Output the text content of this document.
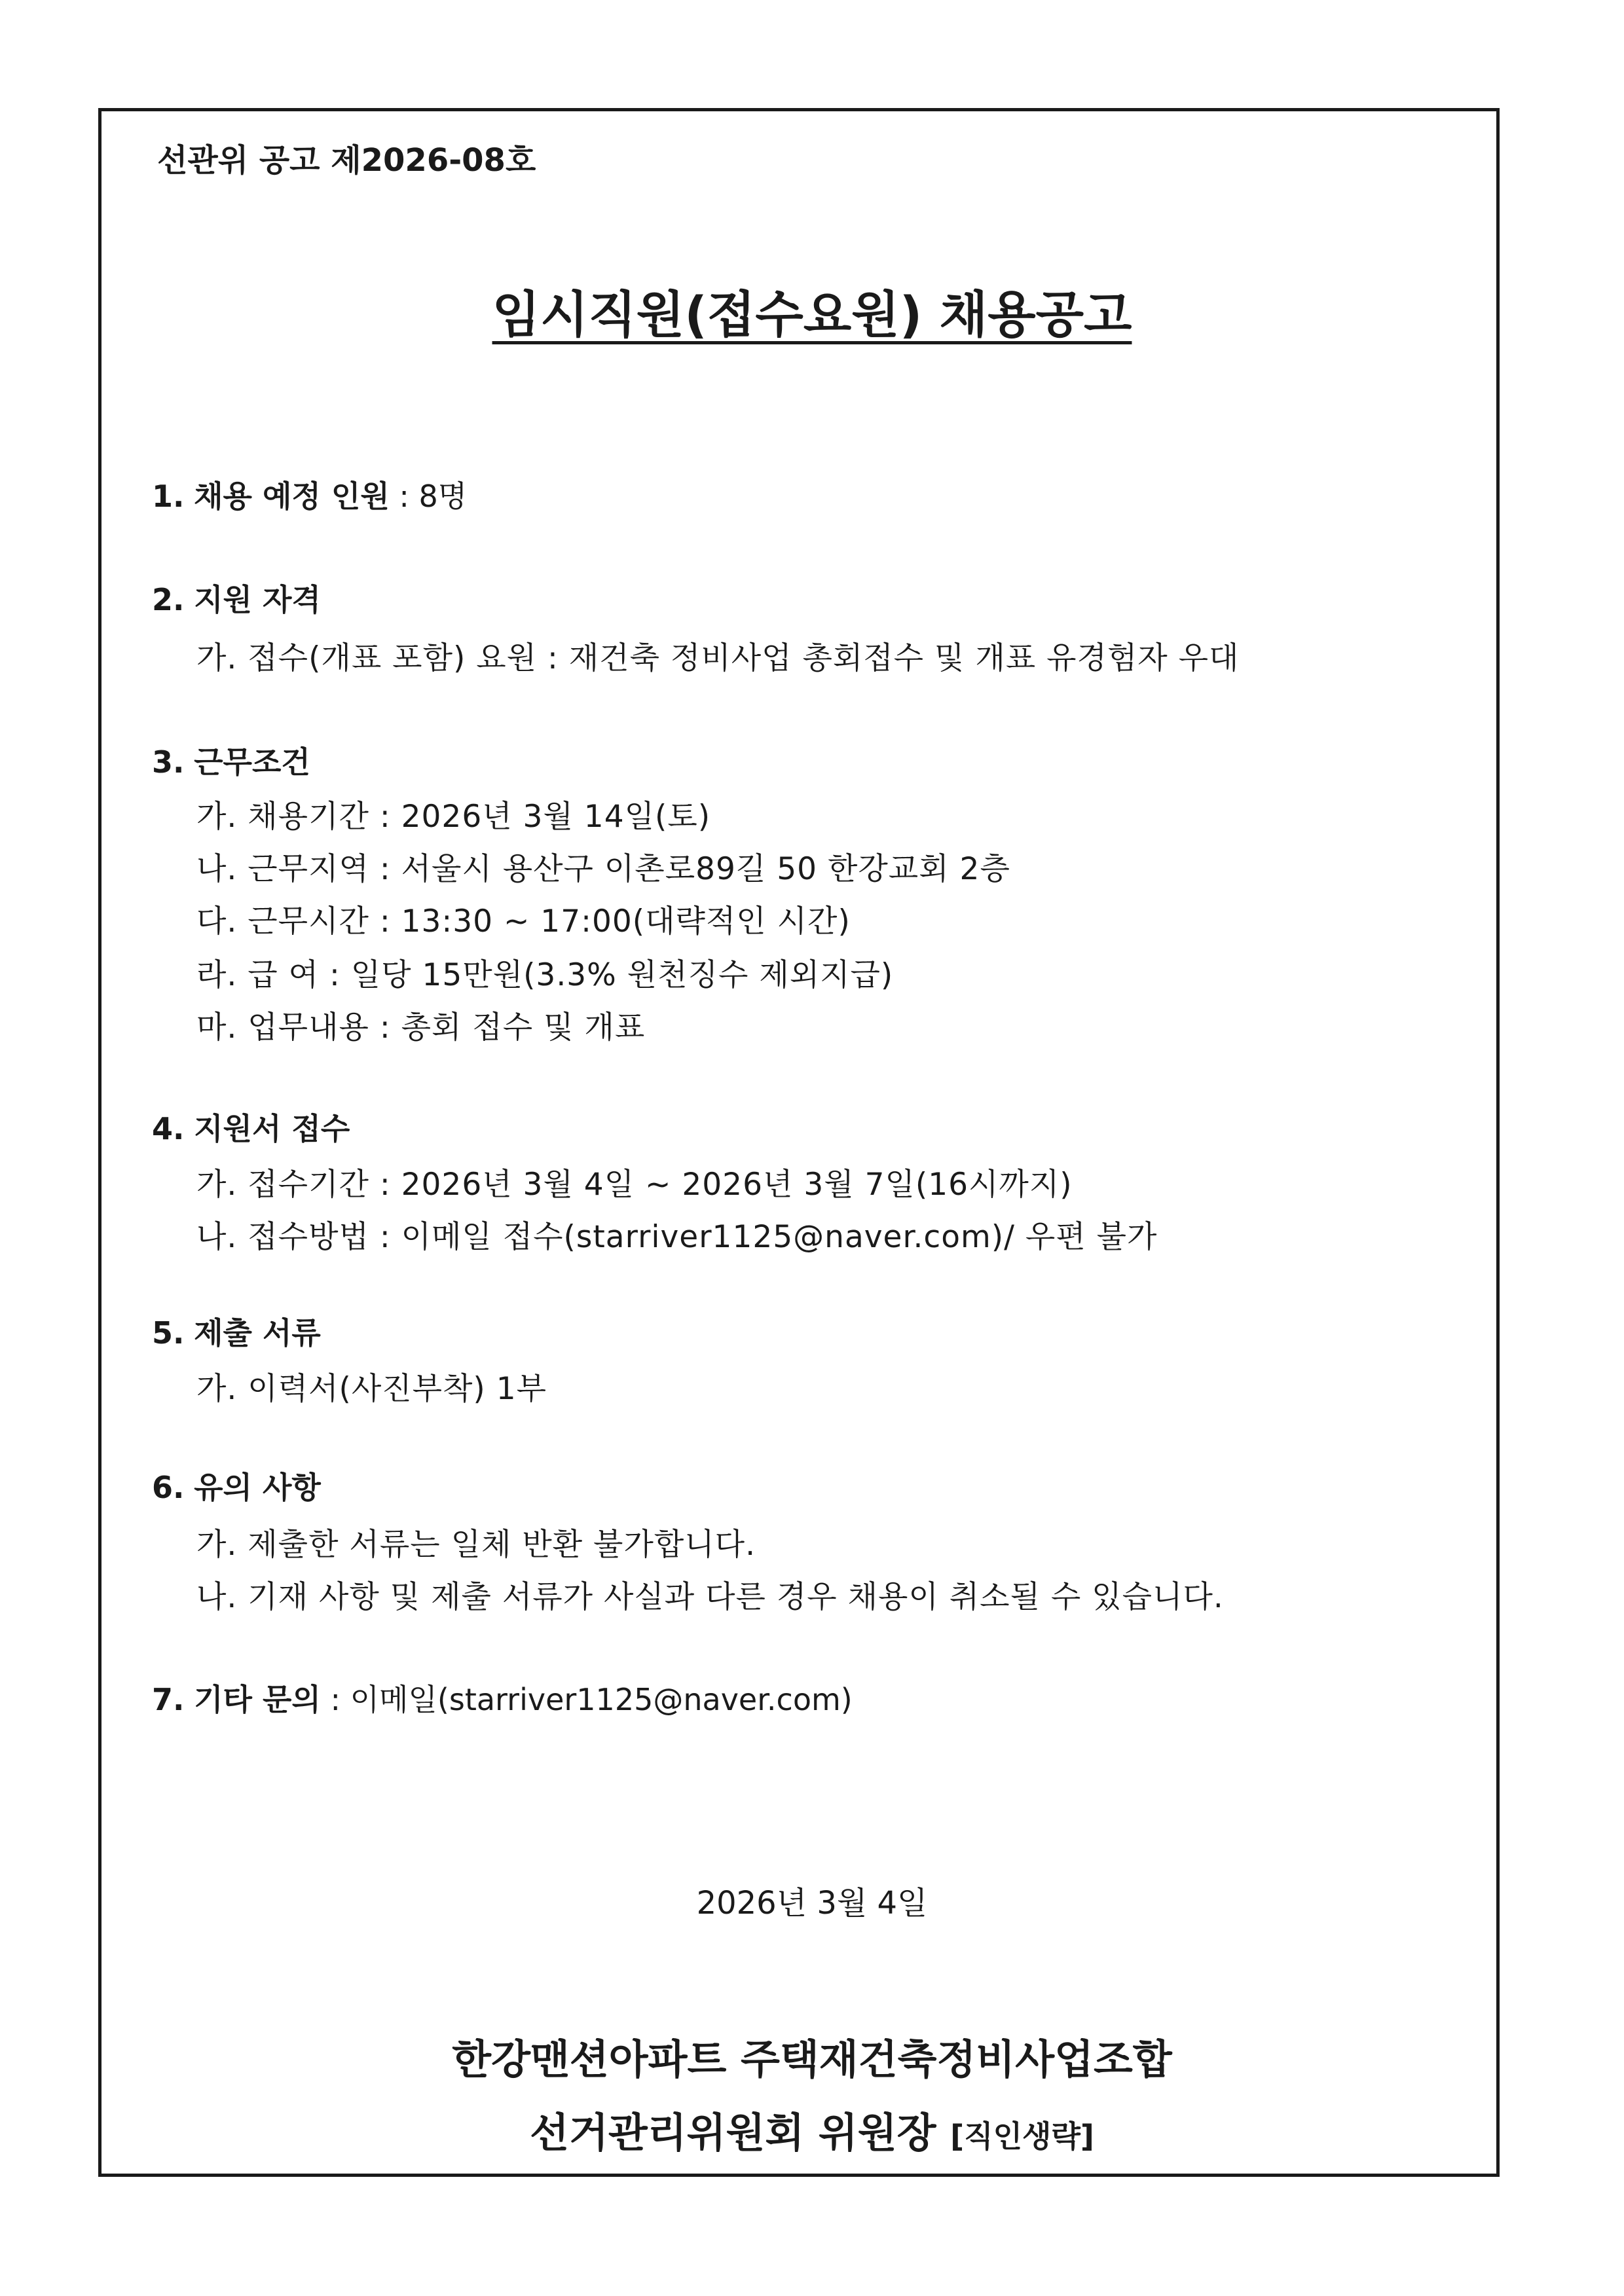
선관위 공고 제2026-08호
임시직원(접수요원) 채용공고
1. 채용 예정 인원 : 8명
2. 지원 자격
가. 접수(개표 포함) 요원 : 재건축 정비사업 총회접수 및 개표 유경험자 우대
3. 근무조건
가. 채용기간 : 2026년 3월 14일(토)
나. 근무지역 : 서울시 용산구 이촌로89길 50 한강교회 2층
다. 근무시간 : 13:30 ~ 17:00(대략적인 시간)
라. 급 여 : 일당 15만원(3.3% 원천징수 제외지급)
마. 업무내용 : 총회 접수 및 개표
4. 지원서 접수
가. 접수기간 : 2026년 3월 4일 ~ 2026년 3월 7일(16시까지)
나. 접수방법 : 이메일 접수(starriver1125@naver.com)/ 우편 불가
5. 제출 서류
가. 이력서(사진부착) 1부
6. 유의 사항
가. 제출한 서류는 일체 반환 불가합니다.
나. 기재 사항 및 제출 서류가 사실과 다른 경우 채용이 취소될 수 있습니다.
7. 기타 문의 : 이메일(starriver1125@naver.com)
2026년 3월 4일
한강맨션아파트 주택재건축정비사업조합
선거관리위원회 위원장 [직인생략]
